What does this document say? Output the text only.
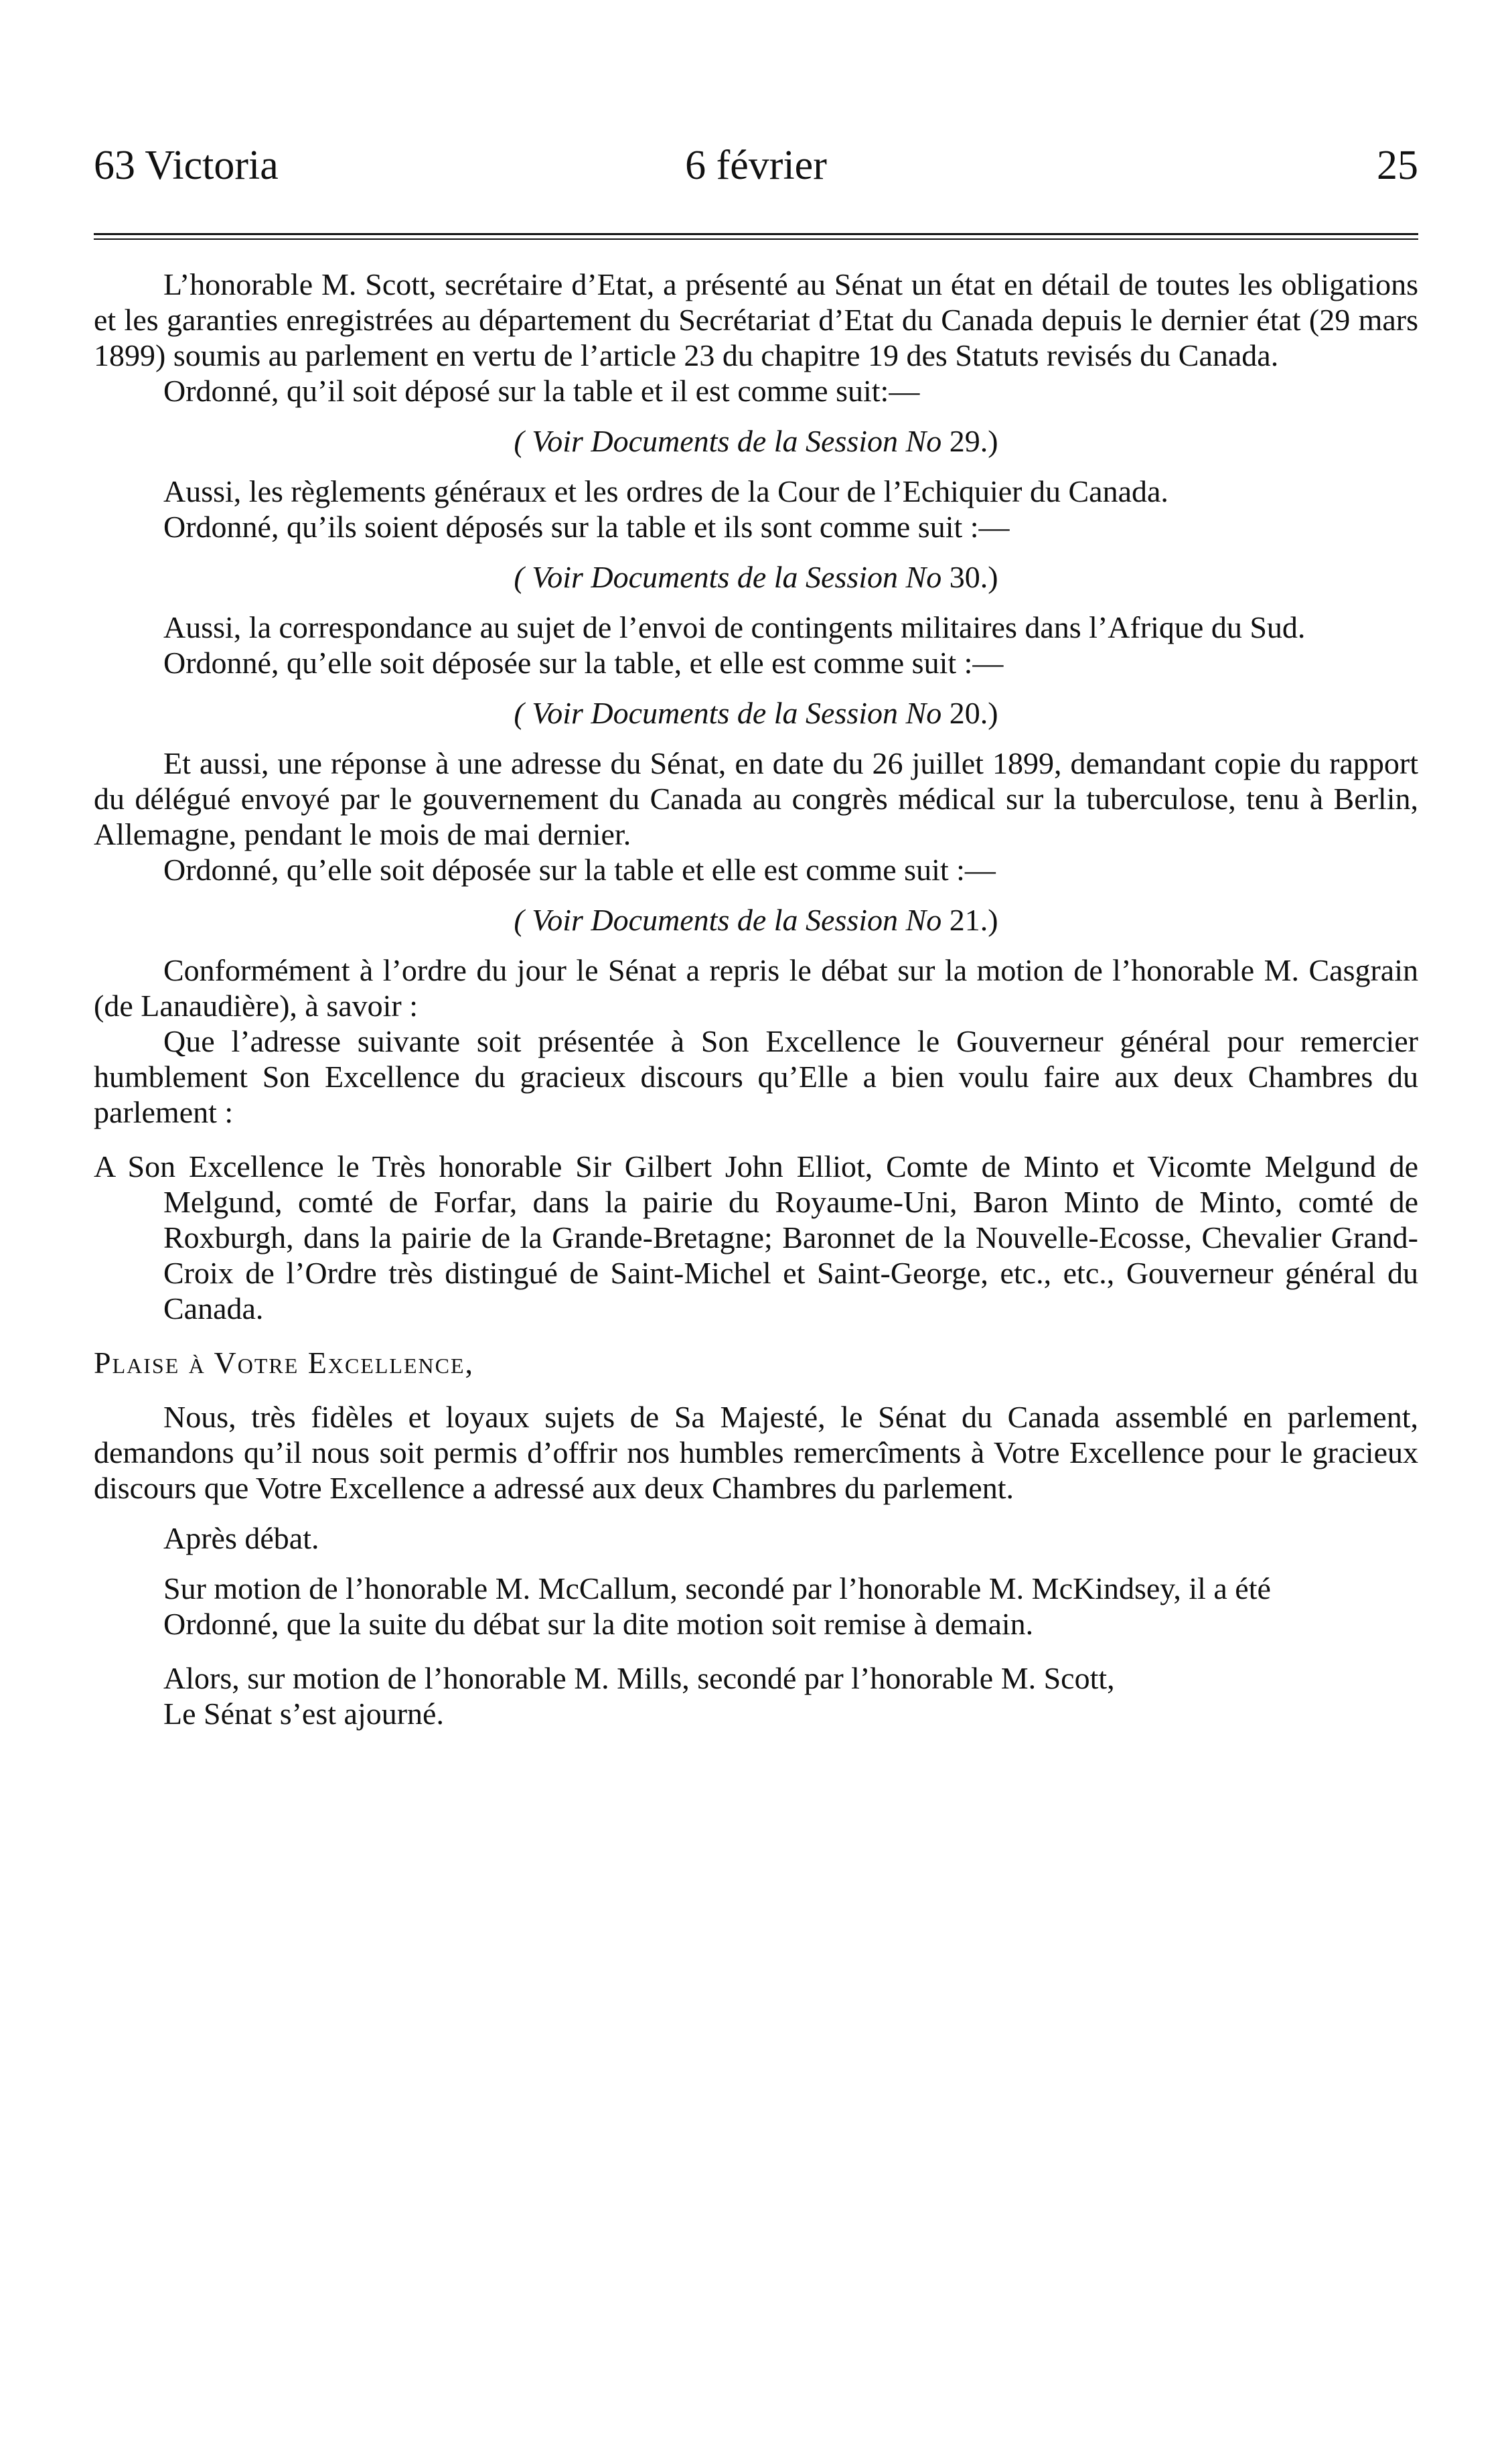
63 Victoria	6 février	25

L’honorable M. Scott, secrétaire d’Etat, a présenté au Sénat un état en détail de toutes les obligations et les garanties enregistrées au département du Secrétariat d’Etat du Canada depuis le dernier état (29 mars 1899) soumis au parlement en vertu de l’article 23 du chapitre 19 des Statuts revisés du Canada.

Ordonné, qu’il soit déposé sur la table et il est comme suit:—

( Voir Documents de la Session No 29.)

Aussi, les règlements généraux et les ordres de la Cour de l’Echiquier du Canada.

Ordonné, qu’ils soient déposés sur la table et ils sont comme suit :—

( Voir Documents de la Session No 30.)

Aussi, la correspondance au sujet de l’envoi de contingents militaires dans l’Afrique du Sud.

Ordonné, qu’elle soit déposée sur la table, et elle est comme suit :—

( Voir Documents de la Session No 20.)

Et aussi, une réponse à une adresse du Sénat, en date du 26 juillet 1899, demandant copie du rapport du délégué envoyé par le gouvernement du Canada au congrès médical sur la tuberculose, tenu à Berlin, Allemagne, pendant le mois de mai dernier.

Ordonné, qu’elle soit déposée sur la table et elle est comme suit :—

( Voir Documents de la Session No 21.)

Conformément à l’ordre du jour le Sénat a repris le débat sur la motion de l’honorable M. Casgrain (de Lanaudière), à savoir :

Que l’adresse suivante soit présentée à Son Excellence le Gouverneur général pour remercier humblement Son Excellence du gracieux discours qu’Elle a bien voulu faire aux deux Chambres du parlement :

A Son Excellence le Très honorable Sir Gilbert John Elliot, Comte de Minto et Vicomte Melgund de Melgund, comté de Forfar, dans la pairie du Royaume-Uni, Baron Minto de Minto, comté de Roxburgh, dans la pairie de la Grande-Bretagne; Baronnet de la Nouvelle-Ecosse, Chevalier Grand-Croix de l’Ordre très distingué de Saint-Michel et Saint-George, etc., etc., Gouverneur général du Canada.

Plaise à Votre Excellence,

Nous, très fidèles et loyaux sujets de Sa Majesté, le Sénat du Canada assemblé en parlement, demandons qu’il nous soit permis d’offrir nos humbles remercîments à Votre Excellence pour le gracieux discours que Votre Excellence a adressé aux deux Chambres du parlement.

Après débat.

Sur motion de l’honorable M. McCallum, secondé par l’honorable M. McKindsey, il a été

Ordonné, que la suite du débat sur la dite motion soit remise à demain.

Alors, sur motion de l’honorable M. Mills, secondé par l’honorable M. Scott,

Le Sénat s’est ajourné.
